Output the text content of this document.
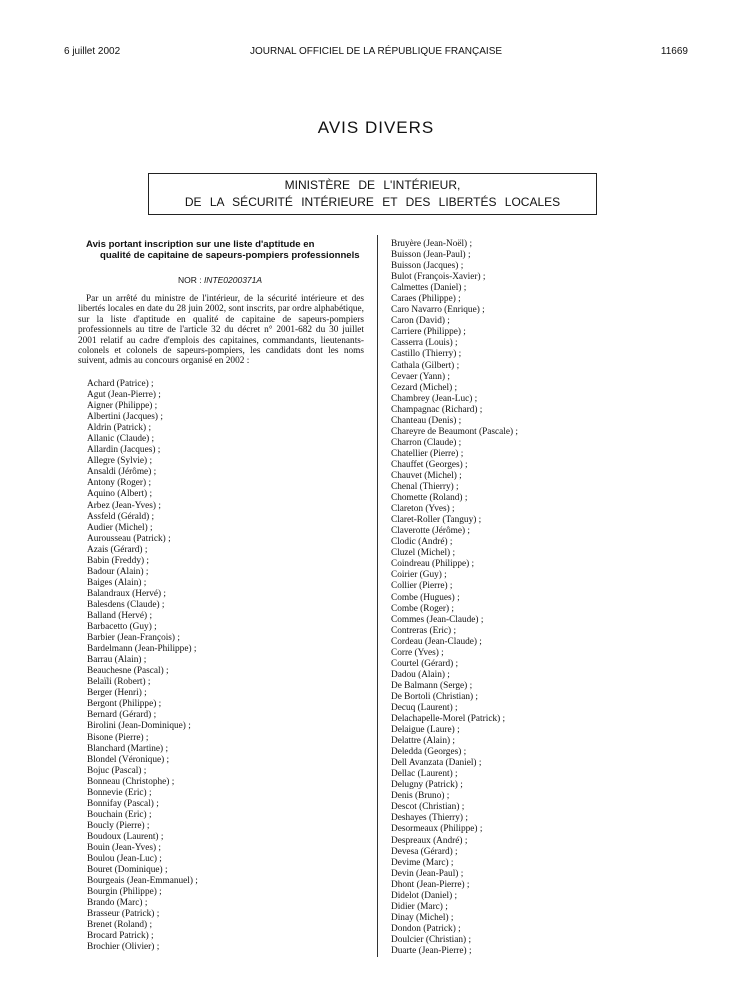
6 juillet 2002	JOURNAL OFFICIEL DE LA RÉPUBLIQUE FRANÇAISE	11669
AVIS DIVERS
MINISTÈRE DE L'INTÉRIEUR,
DE LA SÉCURITÉ INTÉRIEURE ET DES LIBERTÉS LOCALES
Avis portant inscription sur une liste d'aptitude en
qualité de capitaine de sapeurs-pompiers professionnels
NOR : INTE0200371A
Par un arrêté du ministre de l'intérieur, de la sécurité intérieure et des libertés locales en date du 28 juin 2002, sont inscrits, par ordre alphabétique, sur la liste d'aptitude en qualité de capitaine de sapeurs-pompiers professionnels au titre de l'article 32 du décret n° 2001-682 du 30 juillet 2001 relatif au cadre d'emplois des capitaines, commandants, lieutenants-colonels et colonels de sapeurs-pompiers, les candidats dont les noms suivent, admis au concours organisé en 2002 :
Achard (Patrice) ;
Agut (Jean-Pierre) ;
Aigner (Philippe) ;
Albertini (Jacques) ;
Aldrin (Patrick) ;
Allanic (Claude) ;
Allardin (Jacques) ;
Allegre (Sylvie) ;
Ansaldi (Jérôme) ;
Antony (Roger) ;
Aquino (Albert) ;
Arbez (Jean-Yves) ;
Assfeld (Gérald) ;
Audier (Michel) ;
Aurousseau (Patrick) ;
Azais (Gérard) ;
Babin (Freddy) ;
Badour (Alain) ;
Baiges (Alain) ;
Balandraux (Hervé) ;
Balesdens (Claude) ;
Balland (Hervé) ;
Barbacetto (Guy) ;
Barbier (Jean-François) ;
Bardelmann (Jean-Philippe) ;
Barrau (Alain) ;
Beauchesne (Pascal) ;
Belaïli (Robert) ;
Berger (Henri) ;
Bergont (Philippe) ;
Bernard (Gérard) ;
Birolini (Jean-Dominique) ;
Bisone (Pierre) ;
Blanchard (Martine) ;
Blondel (Véronique) ;
Bojuc (Pascal) ;
Bonneau (Christophe) ;
Bonnevie (Eric) ;
Bonnifay (Pascal) ;
Bouchain (Eric) ;
Boucly (Pierre) ;
Boudoux (Laurent) ;
Bouin (Jean-Yves) ;
Boulou (Jean-Luc) ;
Bouret (Dominique) ;
Bourgeais (Jean-Emmanuel) ;
Bourgin (Philippe) ;
Brando (Marc) ;
Brasseur (Patrick) ;
Brenet (Roland) ;
Brocard Patrick) ;
Brochier (Olivier) ;
Bruyère (Jean-Noël) ;
Buisson (Jean-Paul) ;
Buisson (Jacques) ;
Bulot (François-Xavier) ;
Calmettes (Daniel) ;
Caraes (Philippe) ;
Caro Navarro (Enrique) ;
Caron (David) ;
Carriere (Philippe) ;
Casserra (Louis) ;
Castillo (Thierry) ;
Cathala (Gilbert) ;
Cevaer (Yann) ;
Cezard (Michel) ;
Chambrey (Jean-Luc) ;
Champagnac (Richard) ;
Chanteau (Denis) ;
Chareyre de Beaumont (Pascale) ;
Charron (Claude) ;
Chatellier (Pierre) ;
Chauffet (Georges) ;
Chauvet (Michel) ;
Chenal (Thierry) ;
Chomette (Roland) ;
Clareton (Yves) ;
Claret-Roller (Tanguy) ;
Claverotte (Jérôme) ;
Clodic (André) ;
Cluzel (Michel) ;
Coindreau (Philippe) ;
Coirier (Guy) ;
Collier (Pierre) ;
Combe (Hugues) ;
Combe (Roger) ;
Commes (Jean-Claude) ;
Contreras (Eric) ;
Cordeau (Jean-Claude) ;
Corre (Yves) ;
Courtel (Gérard) ;
Dadou (Alain) ;
De Balmann (Serge) ;
De Bortoli (Christian) ;
Decuq (Laurent) ;
Delachapelle-Morel (Patrick) ;
Delaigue (Laure) ;
Delattre (Alain) ;
Deledda (Georges) ;
Dell Avanzata (Daniel) ;
Dellac (Laurent) ;
Delugny (Patrick) ;
Denis (Bruno) ;
Descot (Christian) ;
Deshayes (Thierry) ;
Desormeaux (Philippe) ;
Despreaux (André) ;
Devesa (Gérard) ;
Devime (Marc) ;
Devin (Jean-Paul) ;
Dhont (Jean-Pierre) ;
Didelot (Daniel) ;
Didier (Marc) ;
Dinay (Michel) ;
Dondon (Patrick) ;
Doulcier (Christian) ;
Duarte (Jean-Pierre) ;
